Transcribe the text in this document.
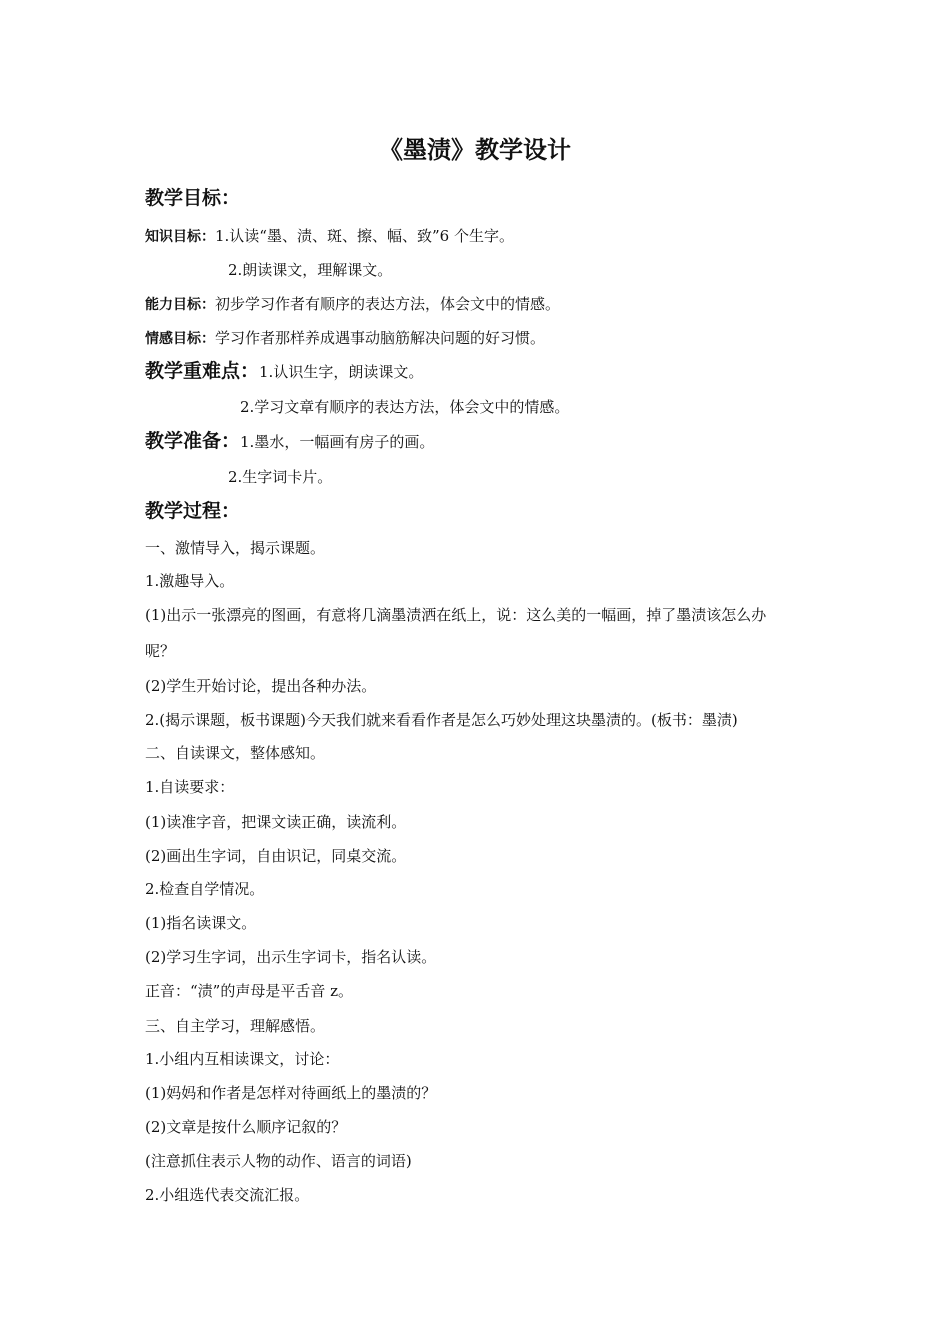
《墨渍》教学设计
教学目标：
知识目标：1.认读“墨、渍、斑、擦、幅、致”6 个生字。
2.朗读课文，理解课文。
能力目标：初步学习作者有顺序的表达方法，体会文中的情感。
情感目标：学习作者那样养成遇事动脑筋解决问题的好习惯。
教学重难点：1.认识生字，朗读课文。
2.学习文章有顺序的表达方法，体会文中的情感。
教学准备：1.墨水，一幅画有房子的画。
2.生字词卡片。
教学过程：
一、激情导入，揭示课题。
1.激趣导入。
(1)出示一张漂亮的图画，有意将几滴墨渍洒在纸上，说：这么美的一幅画，掉了墨渍该怎么办
呢？
(2)学生开始讨论，提出各种办法。
2.(揭示课题，板书课题)今天我们就来看看作者是怎么巧妙处理这块墨渍的。(板书：墨渍)
二、自读课文，整体感知。
1.自读要求：
(1)读准字音，把课文读正确，读流利。
(2)画出生字词，自由识记，同桌交流。
2.检查自学情况。
(1)指名读课文。
(2)学习生字词，出示生字词卡，指名认读。
正音：“渍”的声母是平舌音 z。
三、自主学习，理解感悟。
1.小组内互相读课文，讨论：
(1)妈妈和作者是怎样对待画纸上的墨渍的？
(2)文章是按什么顺序记叙的？
(注意抓住表示人物的动作、语言的词语)
2.小组选代表交流汇报。
